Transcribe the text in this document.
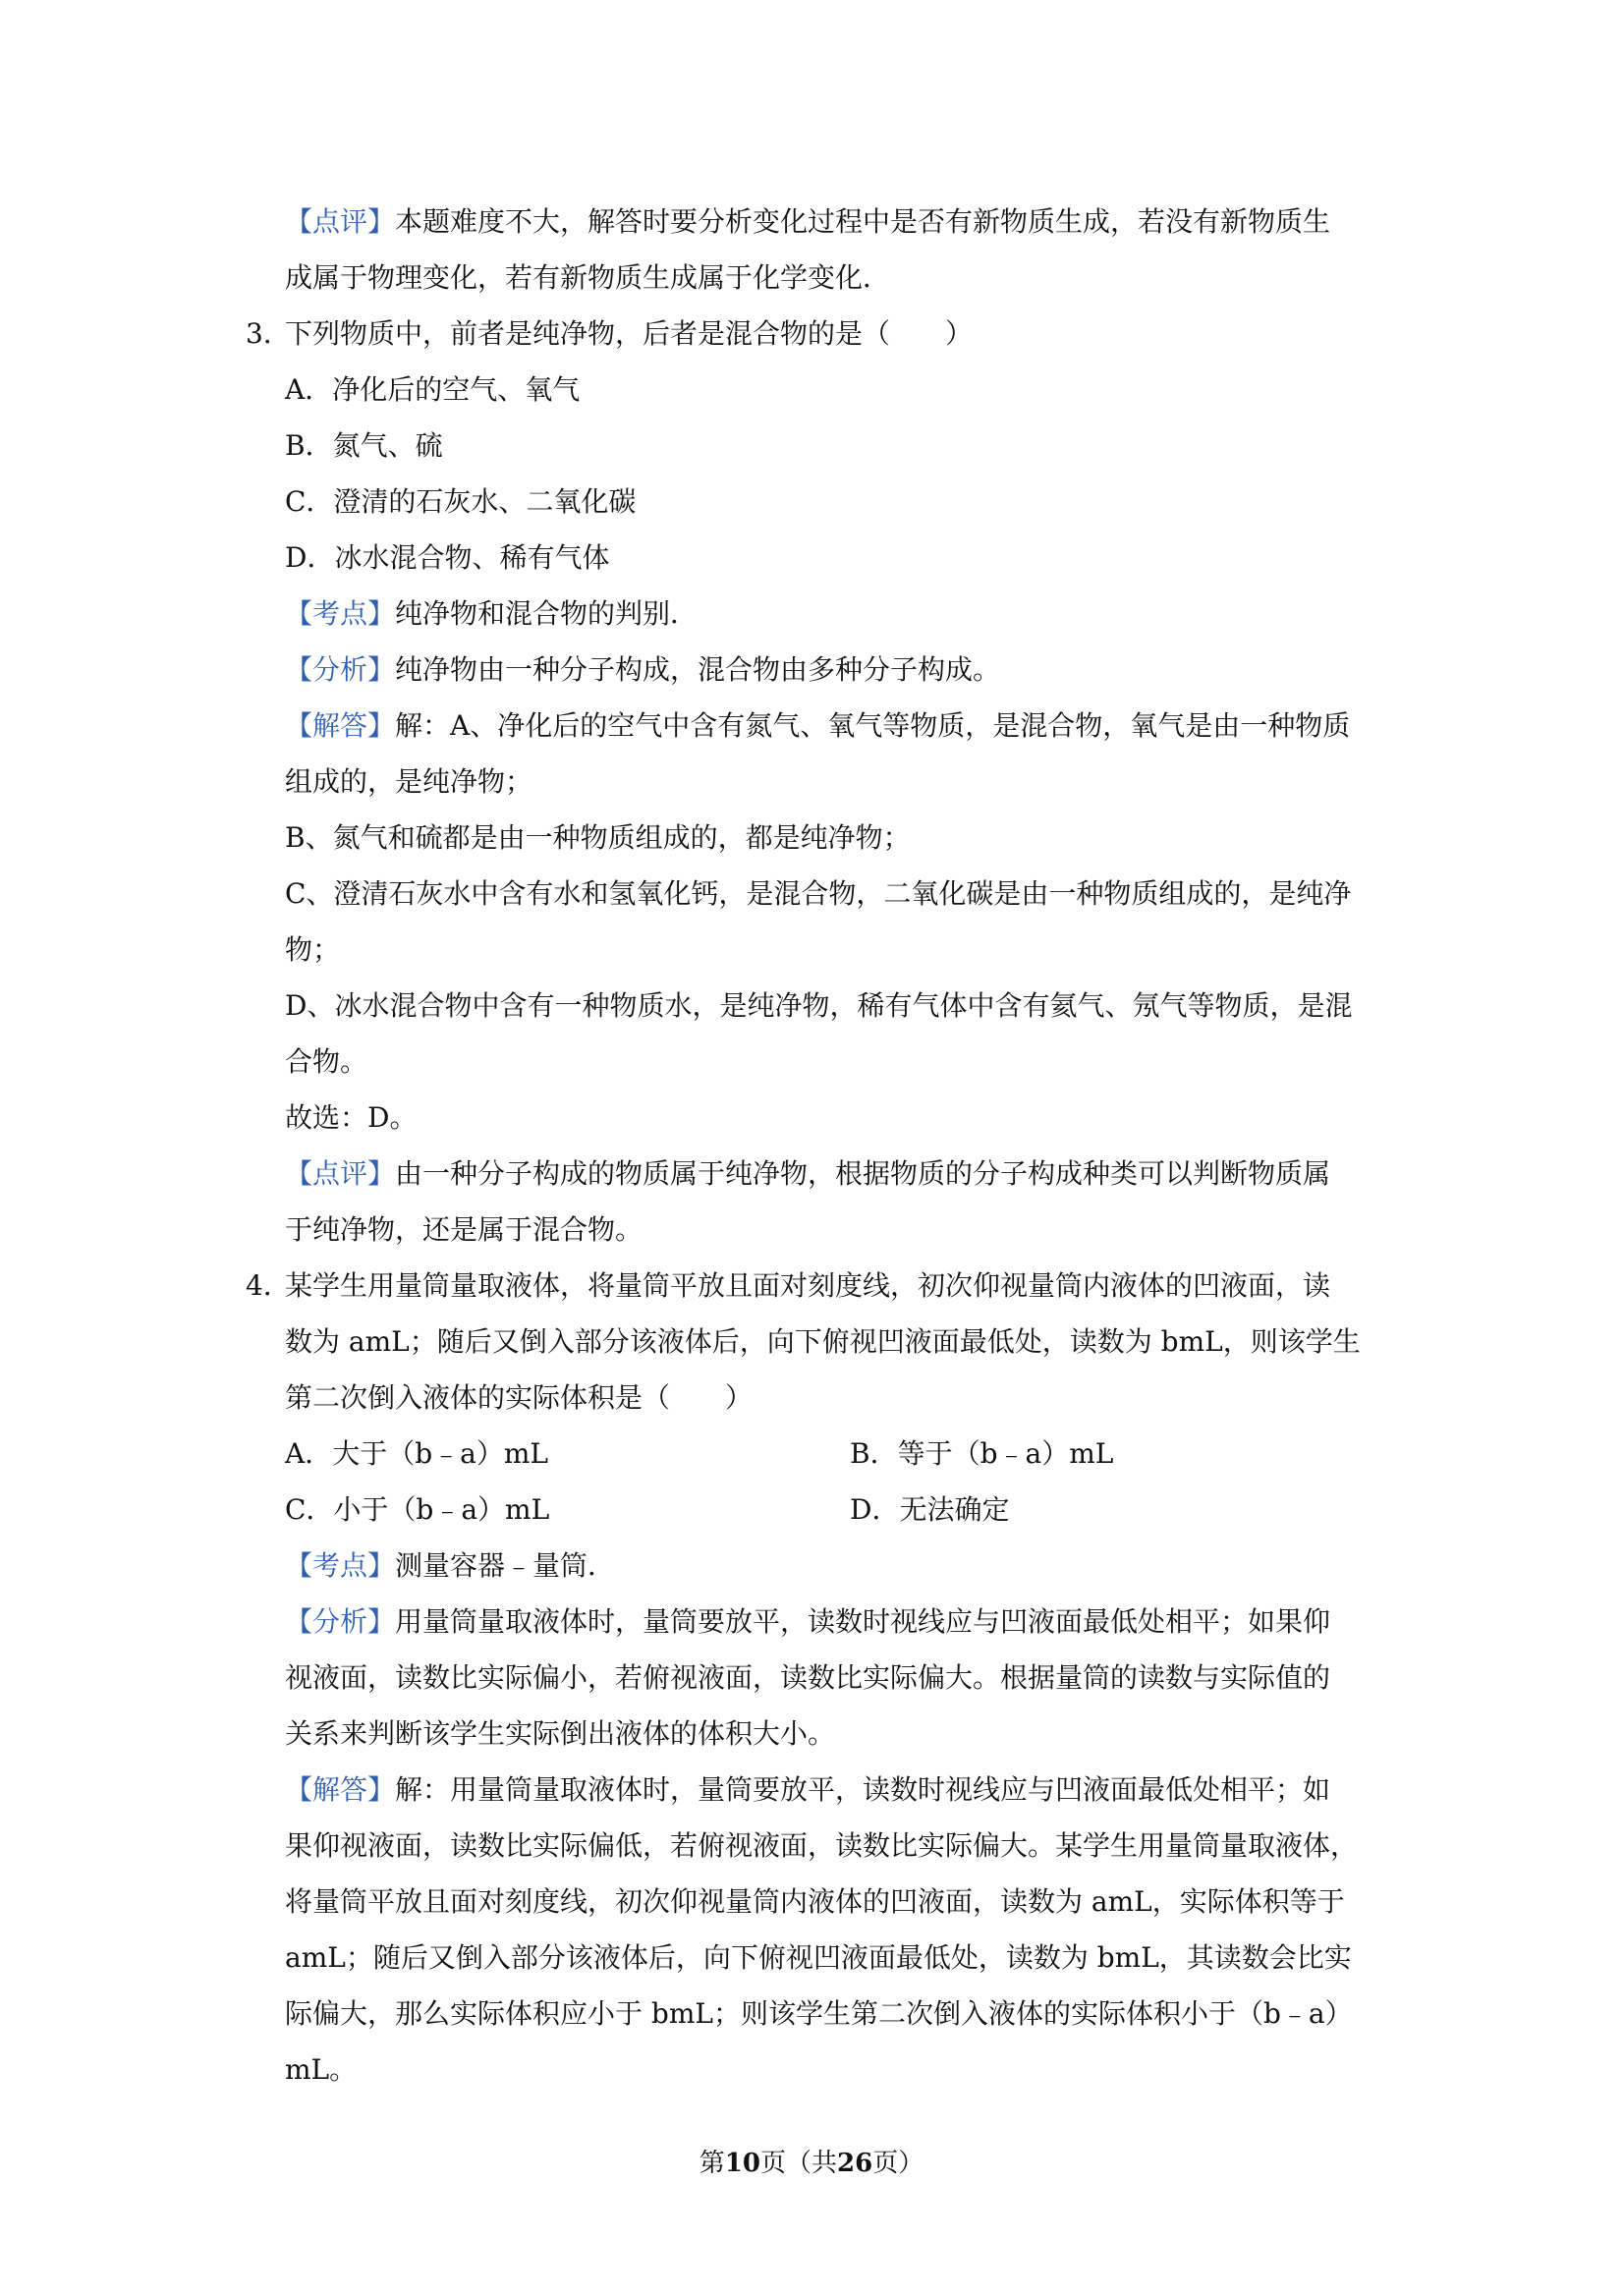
【点评】本题难度不大，解答时要分析变化过程中是否有新物质生成，若没有新物质生
成属于物理变化，若有新物质生成属于化学变化．
3．
下列物质中，前者是纯净物，后者是混合物的是（　　）
A．净化后的空气、氧气
B．氮气、硫
C．澄清的石灰水、二氧化碳
D．冰水混合物、稀有气体
【考点】纯净物和混合物的判别．
【分析】纯净物由一种分子构成，混合物由多种分子构成。
【解答】解：A、净化后的空气中含有氮气、氧气等物质，是混合物，氧气是由一种物质
组成的，是纯净物；
B、氮气和硫都是由一种物质组成的，都是纯净物；
C、澄清石灰水中含有水和氢氧化钙，是混合物，二氧化碳是由一种物质组成的，是纯净
物；
D、冰水混合物中含有一种物质水，是纯净物，稀有气体中含有氦气、氖气等物质，是混
合物。
故选：D。
【点评】由一种分子构成的物质属于纯净物，根据物质的分子构成种类可以判断物质属
于纯净物，还是属于混合物。
4．
某学生用量筒量取液体，将量筒平放且面对刻度线，初次仰视量筒内液体的凹液面，读
数为 amL；随后又倒入部分该液体后，向下俯视凹液面最低处，读数为 bmL，则该学生
第二次倒入液体的实际体积是（　　）
A．大于（b﹣a）mL	B．等于（b﹣a）mL
C．小于（b﹣a）mL	D．无法确定
【考点】测量容器﹣量筒．
【分析】用量筒量取液体时，量筒要放平，读数时视线应与凹液面最低处相平；如果仰
视液面，读数比实际偏小，若俯视液面，读数比实际偏大。根据量筒的读数与实际值的
关系来判断该学生实际倒出液体的体积大小。
【解答】解：用量筒量取液体时，量筒要放平，读数时视线应与凹液面最低处相平；如
果仰视液面，读数比实际偏低，若俯视液面，读数比实际偏大。某学生用量筒量取液体，
将量筒平放且面对刻度线，初次仰视量筒内液体的凹液面，读数为 amL，实际体积等于
amL；随后又倒入部分该液体后，向下俯视凹液面最低处，读数为 bmL，其读数会比实
际偏大，那么实际体积应小于 bmL；则该学生第二次倒入液体的实际体积小于（b﹣a）
mL。
第10页（共26页）
